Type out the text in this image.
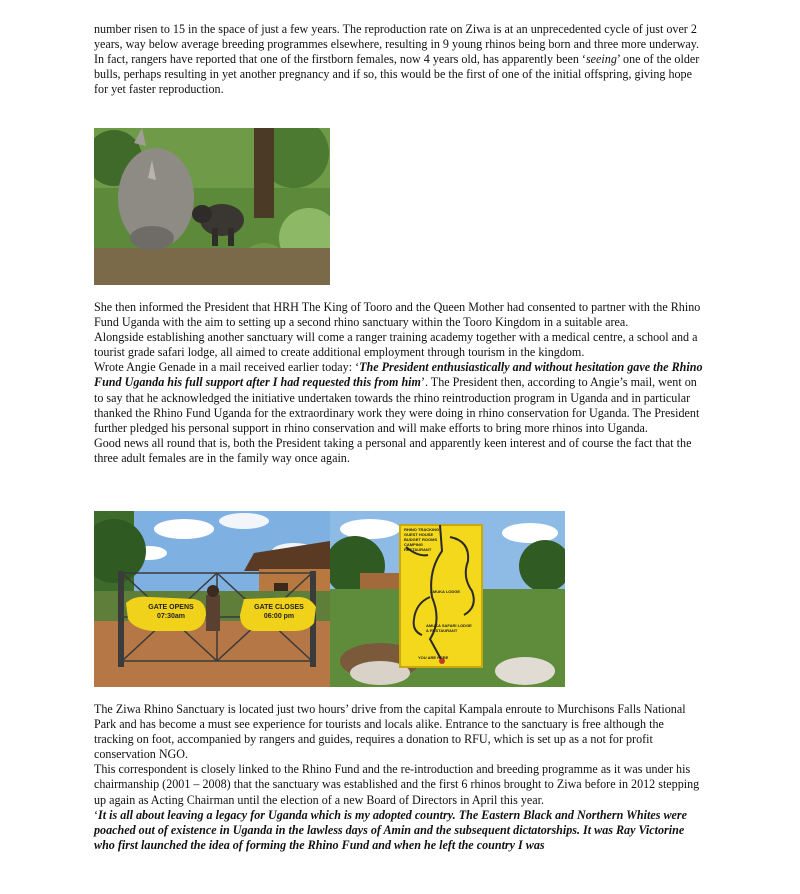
number risen to 15 in the space of just a few years. The reproduction rate on Ziwa is at an unprecedented cycle of just over 2 years, way below average breeding programmes elsewhere, resulting in 9 young rhinos being born and three more underway.

In fact, rangers have reported that one of the firstborn females, now 4 years old, has apparently been ‘seeing’ one of the older bulls, perhaps resulting in yet another pregnancy and if so, this would be the first of one of the initial offspring, giving hope for yet faster reproduction.

She then informed the President that HRH The King of Tooro and the Queen Mother had consented to partner with the Rhino Fund Uganda with the aim to setting up a second rhino sanctuary within the Tooro Kingdom in a suitable area.

Alongside establishing another sanctuary will come a ranger training academy together with a medical centre, a school and a tourist grade safari lodge, all aimed to create additional employment through tourism in the kingdom.

Wrote Angie Genade in a mail received earlier today: ‘The President enthusiastically and without hesitation gave the Rhino Fund Uganda his full support after I had requested this from him’. The President then, according to Angie’s mail, went on to say that he acknowledged the initiative undertaken towards the rhino reintroduction program in Uganda and in particular thanked the Rhino Fund Uganda for the extraordinary work they were doing in rhino conservation for Uganda. The President further pledged his personal support in rhino conservation and will make efforts to bring more rhinos into Uganda.

Good news all round that is, both the President taking a personal and apparently keen interest and of course the fact that the three adult females are in the family way once again.

GATE OPENS
07:30am
GATE CLOSES
06:00 pm
RHINO TRACKING
GUEST HOUSE
BUDGET ROOMS
CAMPING
RESTAURANT
AMUKA LODGE
AMUKA SAFARI LODGE & RESTAURANT
YOU ARE HERE

The Ziwa Rhino Sanctuary is located just two hours’ drive from the capital Kampala enroute to Murchisons Falls National Park and has become a must see experience for tourists and locals alike. Entrance to the sanctuary is free although the tracking on foot, accompanied by rangers and guides, requires a donation to RFU, which is set up as a not for profit conservation NGO.

This correspondent is closely linked to the Rhino Fund and the re-introduction and breeding programme as it was under his chairmanship (2001 – 2008) that the sanctuary was established and the first 6 rhinos brought to Ziwa before in 2012 stepping up again as Acting Chairman until the election of a new Board of Directors in April this year.

‘It is all about leaving a legacy for Uganda which is my adopted country. The Eastern Black and Northern Whites were poached out of existence in Uganda in the lawless days of Amin and the subsequent dictatorships. It was Ray Victorine who first launched the idea of forming the Rhino Fund and when he left the country I was
